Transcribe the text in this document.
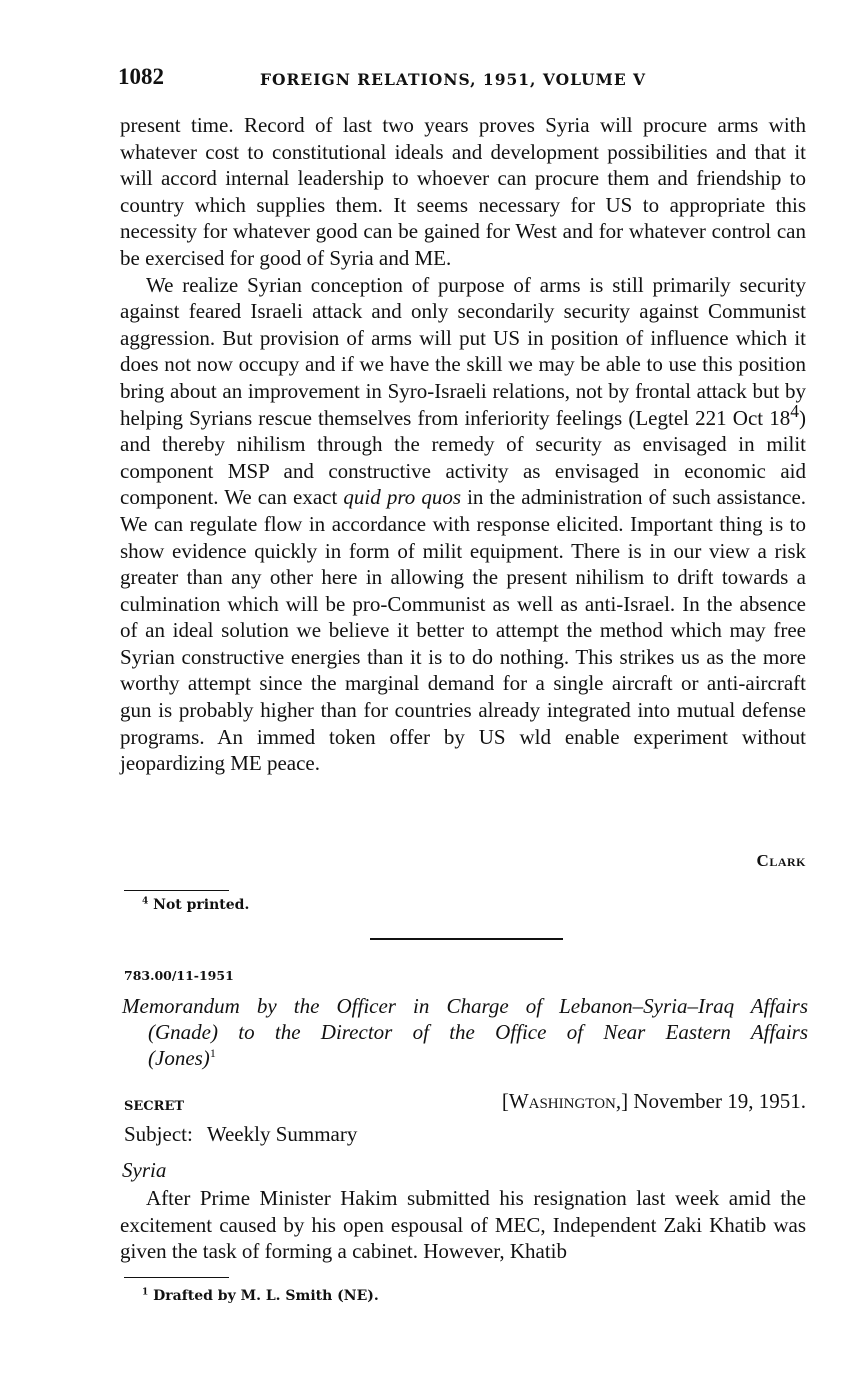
1082	FOREIGN RELATIONS, 1951, VOLUME V

present time. Record of last two years proves Syria will procure arms with whatever cost to constitutional ideals and development possibilities and that it will accord internal leadership to whoever can procure them and friendship to country which supplies them. It seems necessary for US to appropriate this necessity for whatever good can be gained for West and for whatever control can be exercised for good of Syria and ME.

We realize Syrian conception of purpose of arms is still primarily security against feared Israeli attack and only secondarily security against Communist aggression. But provision of arms will put US in position of influence which it does not now occupy and if we have the skill we may be able to use this position bring about an improvement in Syro-Israeli relations, not by frontal attack but by helping Syrians rescue themselves from inferiority feelings (Legtel 221 Oct $18^4$) and thereby nihilism through the remedy of security as envisaged in milit component MSP and constructive activity as envisaged in economic aid component. We can exact quid pro quos in the administration of such assistance. We can regulate flow in accordance with response elicited. Important thing is to show evidence quickly in form of milit equipment. There is in our view a risk greater than any other here in allowing the present nihilism to drift towards a culmination which will be pro-Communist as well as anti-Israel. In the absence of an ideal solution we believe it better to attempt the method which may free Syrian constructive energies than it is to do nothing. This strikes us as the more worthy attempt since the marginal demand for a single aircraft or anti-aircraft gun is probably higher than for countries already integrated into mutual defense programs. An immed token offer by US wld enable experiment without jeopardizing ME peace.

Clark
$^4$ Not printed.
783.00/11-1951
Memorandum by the Officer in Charge of Lebanon–Syria–Iraq Affairs
(Gnade) to the Director of the Office of Near Eastern Affairs
(Jones)$^1$
SECRET	[Washington,] November 19, 1951.
Subject: Weekly Summary
Syria

After Prime Minister Hakim submitted his resignation last week amid the excitement caused by his open espousal of MEC, Independent Zaki Khatib was given the task of forming a cabinet. However, Khatib

$^1$ Drafted by M. L. Smith (NE).
